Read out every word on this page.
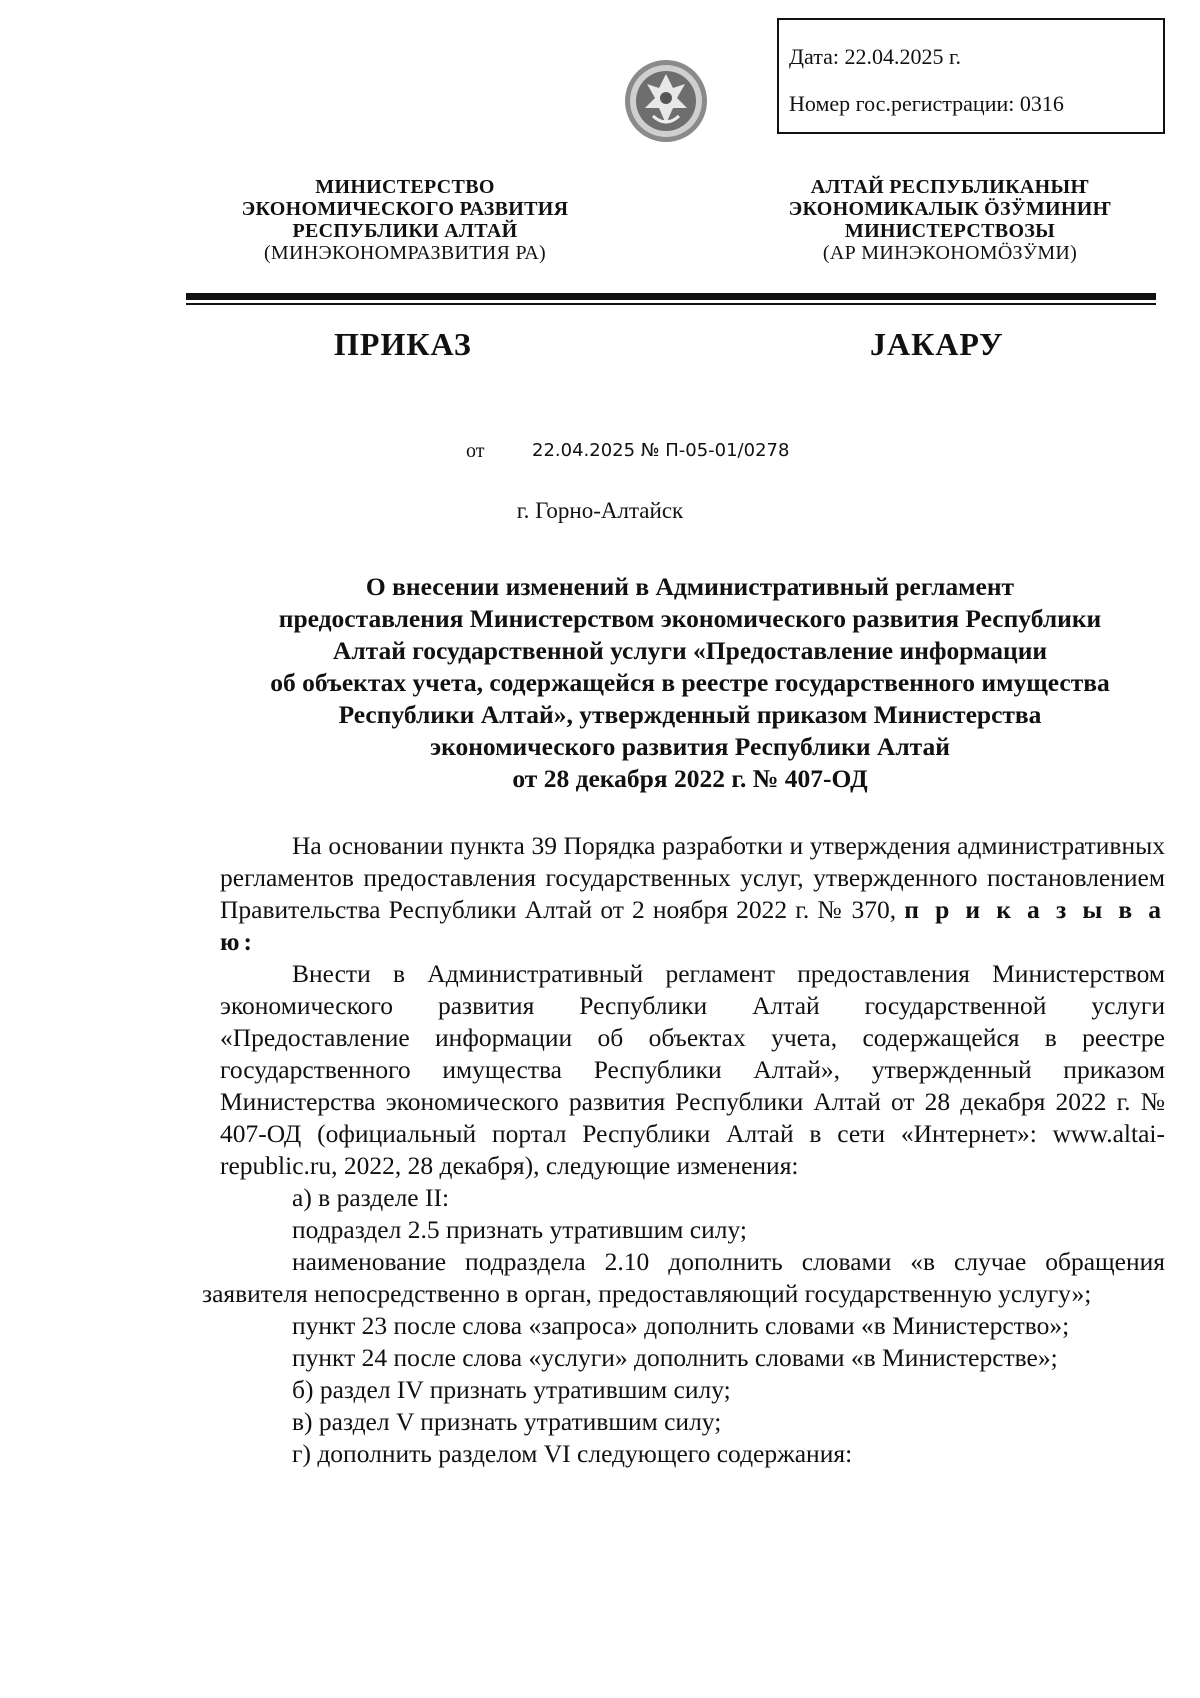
Дата: 22.04.2025 г.
Номер гос.регистрации: 0316
МИНИСТЕРСТВО
ЭКОНОМИЧЕСКОГО РАЗВИТИЯ
РЕСПУБЛИКИ АЛТАЙ
(МИНЭКОНОМРАЗВИТИЯ РА)
АЛТАЙ РЕСПУБЛИКАНЫҤ
ЭКОНОМИКАЛЫК ÖЗӰМИНИҤ
МИНИСТЕРСТВОЗЫ
(АР МИНЭКОНОМÖЗӰМИ)
ПРИКАЗ	JАКАРУ
от	22.04.2025 № П-05-01/0278
г. Горно-Алтайск
О внесении изменений в Административный регламент
предоставления Министерством экономического развития Республики
Алтай государственной услуги «Предоставление информации
об объектах учета, содержащейся в реестре государственного имущества
Республики Алтай», утвержденный приказом Министерства
экономического развития Республики Алтай
от 28 декабря 2022 г. № 407-ОД

На основании пункта 39 Порядка разработки и утверждения административных регламентов предоставления государственных услуг, утвержденного постановлением Правительства Республики Алтай от 2 ноября 2022 г. № 370, п р и к а з ы в а ю:

Внести в Административный регламент предоставления Министерством экономического развития Республики Алтай государственной услуги «Предоставление информации об объектах учета, содержащейся в реестре государственного имущества Республики Алтай», утвержденный приказом Министерства экономического развития Республики Алтай от 28 декабря 2022 г. № 407-ОД (официальный портал Республики Алтай в сети «Интернет»: www.altai-republic.ru, 2022, 28 декабря), следующие изменения:

а) в разделе II:

подраздел 2.5 признать утратившим силу;

наименование подраздела 2.10 дополнить словами «в случае обращения заявителя непосредственно в орган, предоставляющий государственную услугу»;

пункт 23 после слова «запроса» дополнить словами «в Министерство»;

пункт 24 после слова «услуги» дополнить словами «в Министерстве»;

б) раздел IV признать утратившим силу;

в) раздел V признать утратившим силу;

г) дополнить разделом VI следующего содержания:
